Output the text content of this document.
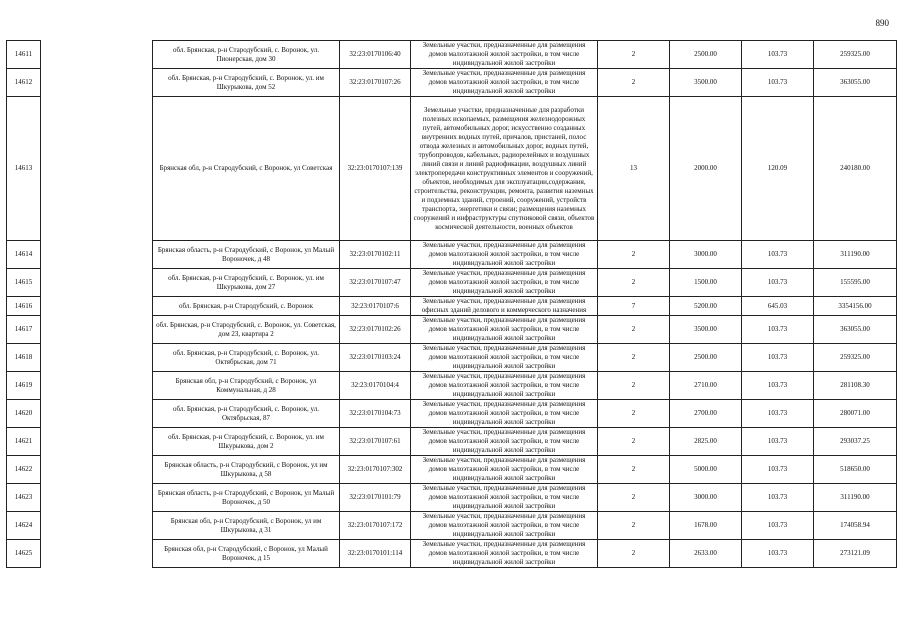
890
14611		обл. Брянская, р-н Стародубский, с. Воронок, ул. Пионерская, дом 30	32:23:0170106:40	Земельные участки, предназначенные для размещения домов малоэтажной жилой застройки, в том числе индивидуальной жилой застройки	2	2500.00	103.73	259325.00
14612		обл. Брянская, р-н Стародубский, с. Воронок, ул. им Шкурыкова, дом 52	32:23:0170107:26	Земельные участки, предназначенные для размещения домов малоэтажной жилой застройки, в том числе индивидуальной жилой застройки	2	3500.00	103.73	363055.00
14613		Брянская обл, р-н Стародубский, с Воронок, ул Советская	32:23:0170107:139	Земельные участки, предназначенные для разработки полезных ископаемых, размещения железнодорожных путей, автомобильных дорог, искусственно созданных внутренних водных путей, причалов, пристаней, полос отвода железных и автомобильных дорог, водных путей, трубопроводов, кабельных, радиорелейных и воздушных линий связи и линий радиофикации, воздушных линий электропередачи конструктивных элементов и сооружений, объектов, необходимых для эксплуатации,содержания, строительства, реконструкции, ремонта, развития наземных и подземных зданий, строений, сооружений, устройств транспорта, энергетики и связи; размещения наземных сооружений и инфраструктуры спутниковой связи, объектов космической деятельности, военных объектов	13	2000.00	120.09	240180.00
14614		Брянская область, р-н Стародубский, с Воронок, ул Малый Вороночек, д 48	32:23:0170102:11	Земельные участки, предназначенные для размещения домов малоэтажной жилой застройки, в том числе индивидуальной жилой застройки	2	3000.00	103.73	311190.00
14615		обл. Брянская, р-н Стародубский, с. Воронок, ул. им Шкурыкова, дом 27	32:23:0170107:47	Земельные участки, предназначенные для размещения домов малоэтажной жилой застройки, в том числе индивидуальной жилой застройки	2	1500.00	103.73	155595.00
14616		обл. Брянская, р-н Стародубский, с. Воронок	32:23:0170107:6	Земельные участки, предназначенные для размещения офисных зданий делового и коммерческого назначения	7	5200.00	645.03	3354156.00
14617		обл. Брянская, р-н Стародубский, с. Воронок, ул. Советская, дом 23, квартира 2	32:23:0170102:26	Земельные участки, предназначенные для размещения домов малоэтажной жилой застройки, в том числе индивидуальной жилой застройки	2	3500.00	103.73	363055.00
14618		обл. Брянская, р-н Стародубский, с. Воронок, ул. Октябрьская, дом 71	32:23:0170103:24	Земельные участки, предназначенные для размещения домов малоэтажной жилой застройки, в том числе индивидуальной жилой застройки	2	2500.00	103.73	259325.00
14619		Брянская обл, р-н Стародубский, с Воронок, ул Коммунальная, д 28	32:23:0170104:4	Земельные участки, предназначенные для размещения домов малоэтажной жилой застройки, в том числе индивидуальной жилой застройки	2	2710.00	103.73	281108.30
14620		обл. Брянская, р-н Стародубский, с. Воронок, ул. Октябрьская, 87	32:23:0170104:73	Земельные участки, предназначенные для размещения домов малоэтажной жилой застройки, в том числе индивидуальной жилой застройки	2	2700.00	103.73	280071.00
14621		обл. Брянская, р-н Стародубский, с. Воронок, ул. им Шкурыкова, дом 2	32:23:0170107:61	Земельные участки, предназначенные для размещения домов малоэтажной жилой застройки, в том числе индивидуальной жилой застройки	2	2825.00	103.73	293037.25
14622		Брянская область, р-н Стародубский, с Воронок, ул им Шкурыкова, д 58	32:23:0170107:302	Земельные участки, предназначенные для размещения домов малоэтажной жилой застройки, в том числе индивидуальной жилой застройки	2	5000.00	103.73	518650.00
14623		Брянская область, р-н Стародубский, с Воронок, ул Малый Вороночек, д 50	32:23:0170101:79	Земельные участки, предназначенные для размещения домов малоэтажной жилой застройки, в том числе индивидуальной жилой застройки	2	3000.00	103.73	311190.00
14624		Брянская обл, р-н Стародубский, с Воронок, ул им Шкурыкова, д 31	32:23:0170107:172	Земельные участки, предназначенные для размещения домов малоэтажной жилой застройки, в том числе индивидуальной жилой застройки	2	1678.00	103.73	174058.94
14625		Брянская обл, р-н Стародубский, с Воронок, ул Малый Вороночек, д 15	32:23:0170101:114	Земельные участки, предназначенные для размещения домов малоэтажной жилой застройки, в том числе индивидуальной жилой застройки	2	2633.00	103.73	273121.09
